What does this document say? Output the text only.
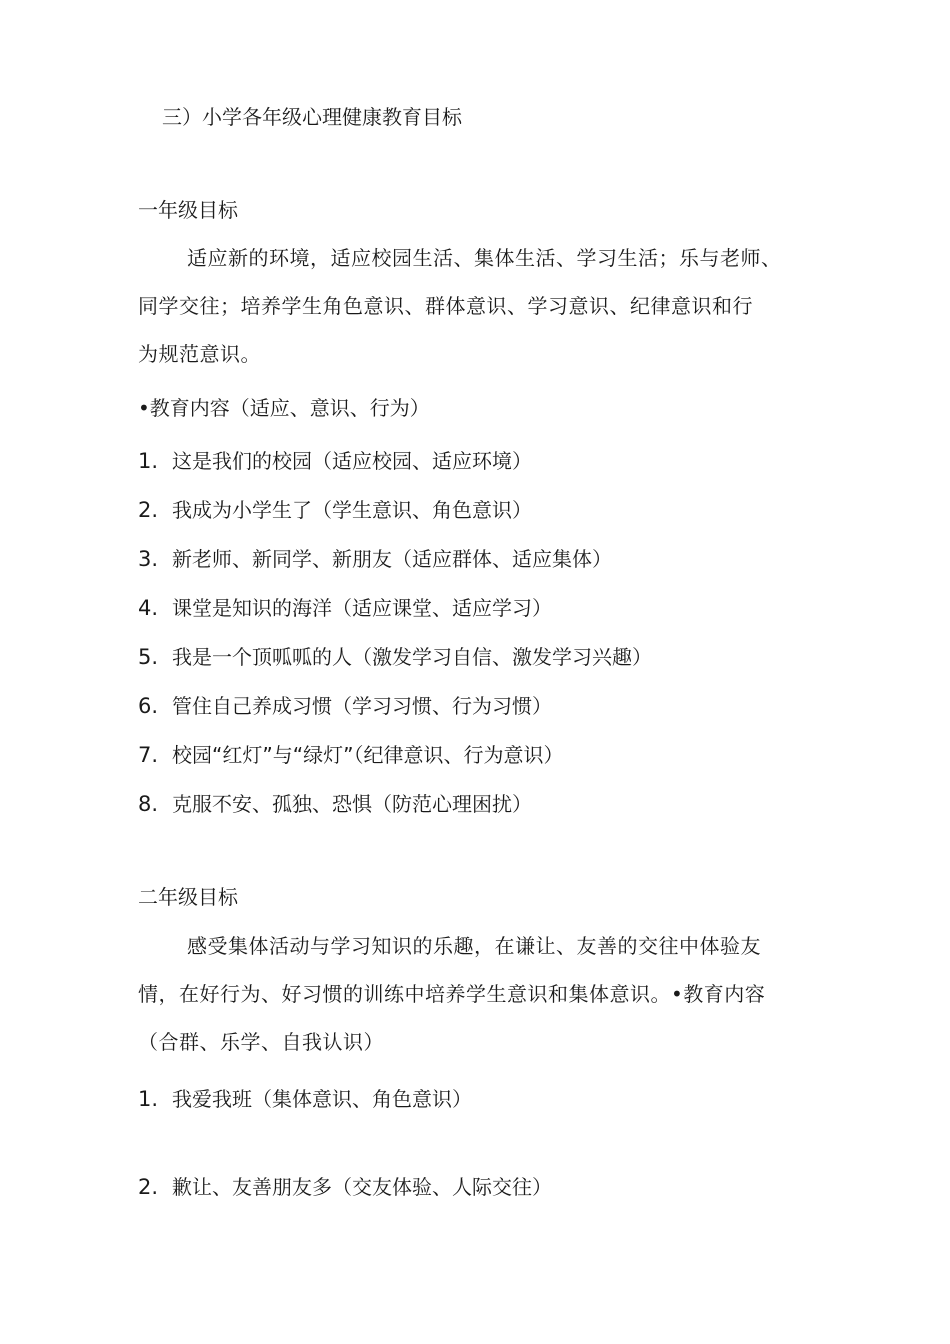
三）小学各年级心理健康教育目标
一年级目标
适应新的环境，适应校园生活、集体生活、学习生活；乐与老师、
同学交往；培养学生角色意识、群体意识、学习意识、纪律意识和行
为规范意识。
•教育内容（适应、意识、行为）
1. 这是我们的校园（适应校园、适应环境）
2. 我成为小学生了（学生意识、角色意识）
3. 新老师、新同学、新朋友（适应群体、适应集体）
4. 课堂是知识的海洋（适应课堂、适应学习）
5. 我是一个顶呱呱的人（激发学习自信、激发学习兴趣）
6. 管住自己养成习惯（学习习惯、行为习惯）
7. 校园“红灯”与“绿灯”（纪律意识、行为意识）
8. 克服不安、孤独、恐惧（防范心理困扰）
二年级目标
感受集体活动与学习知识的乐趣，在谦让、友善的交往中体验友
情，在好行为、好习惯的训练中培养学生意识和集体意识。•教育内容
（合群、乐学、自我认识）
1. 我爱我班（集体意识、角色意识）
2. 歉让、友善朋友多（交友体验、人际交往）
